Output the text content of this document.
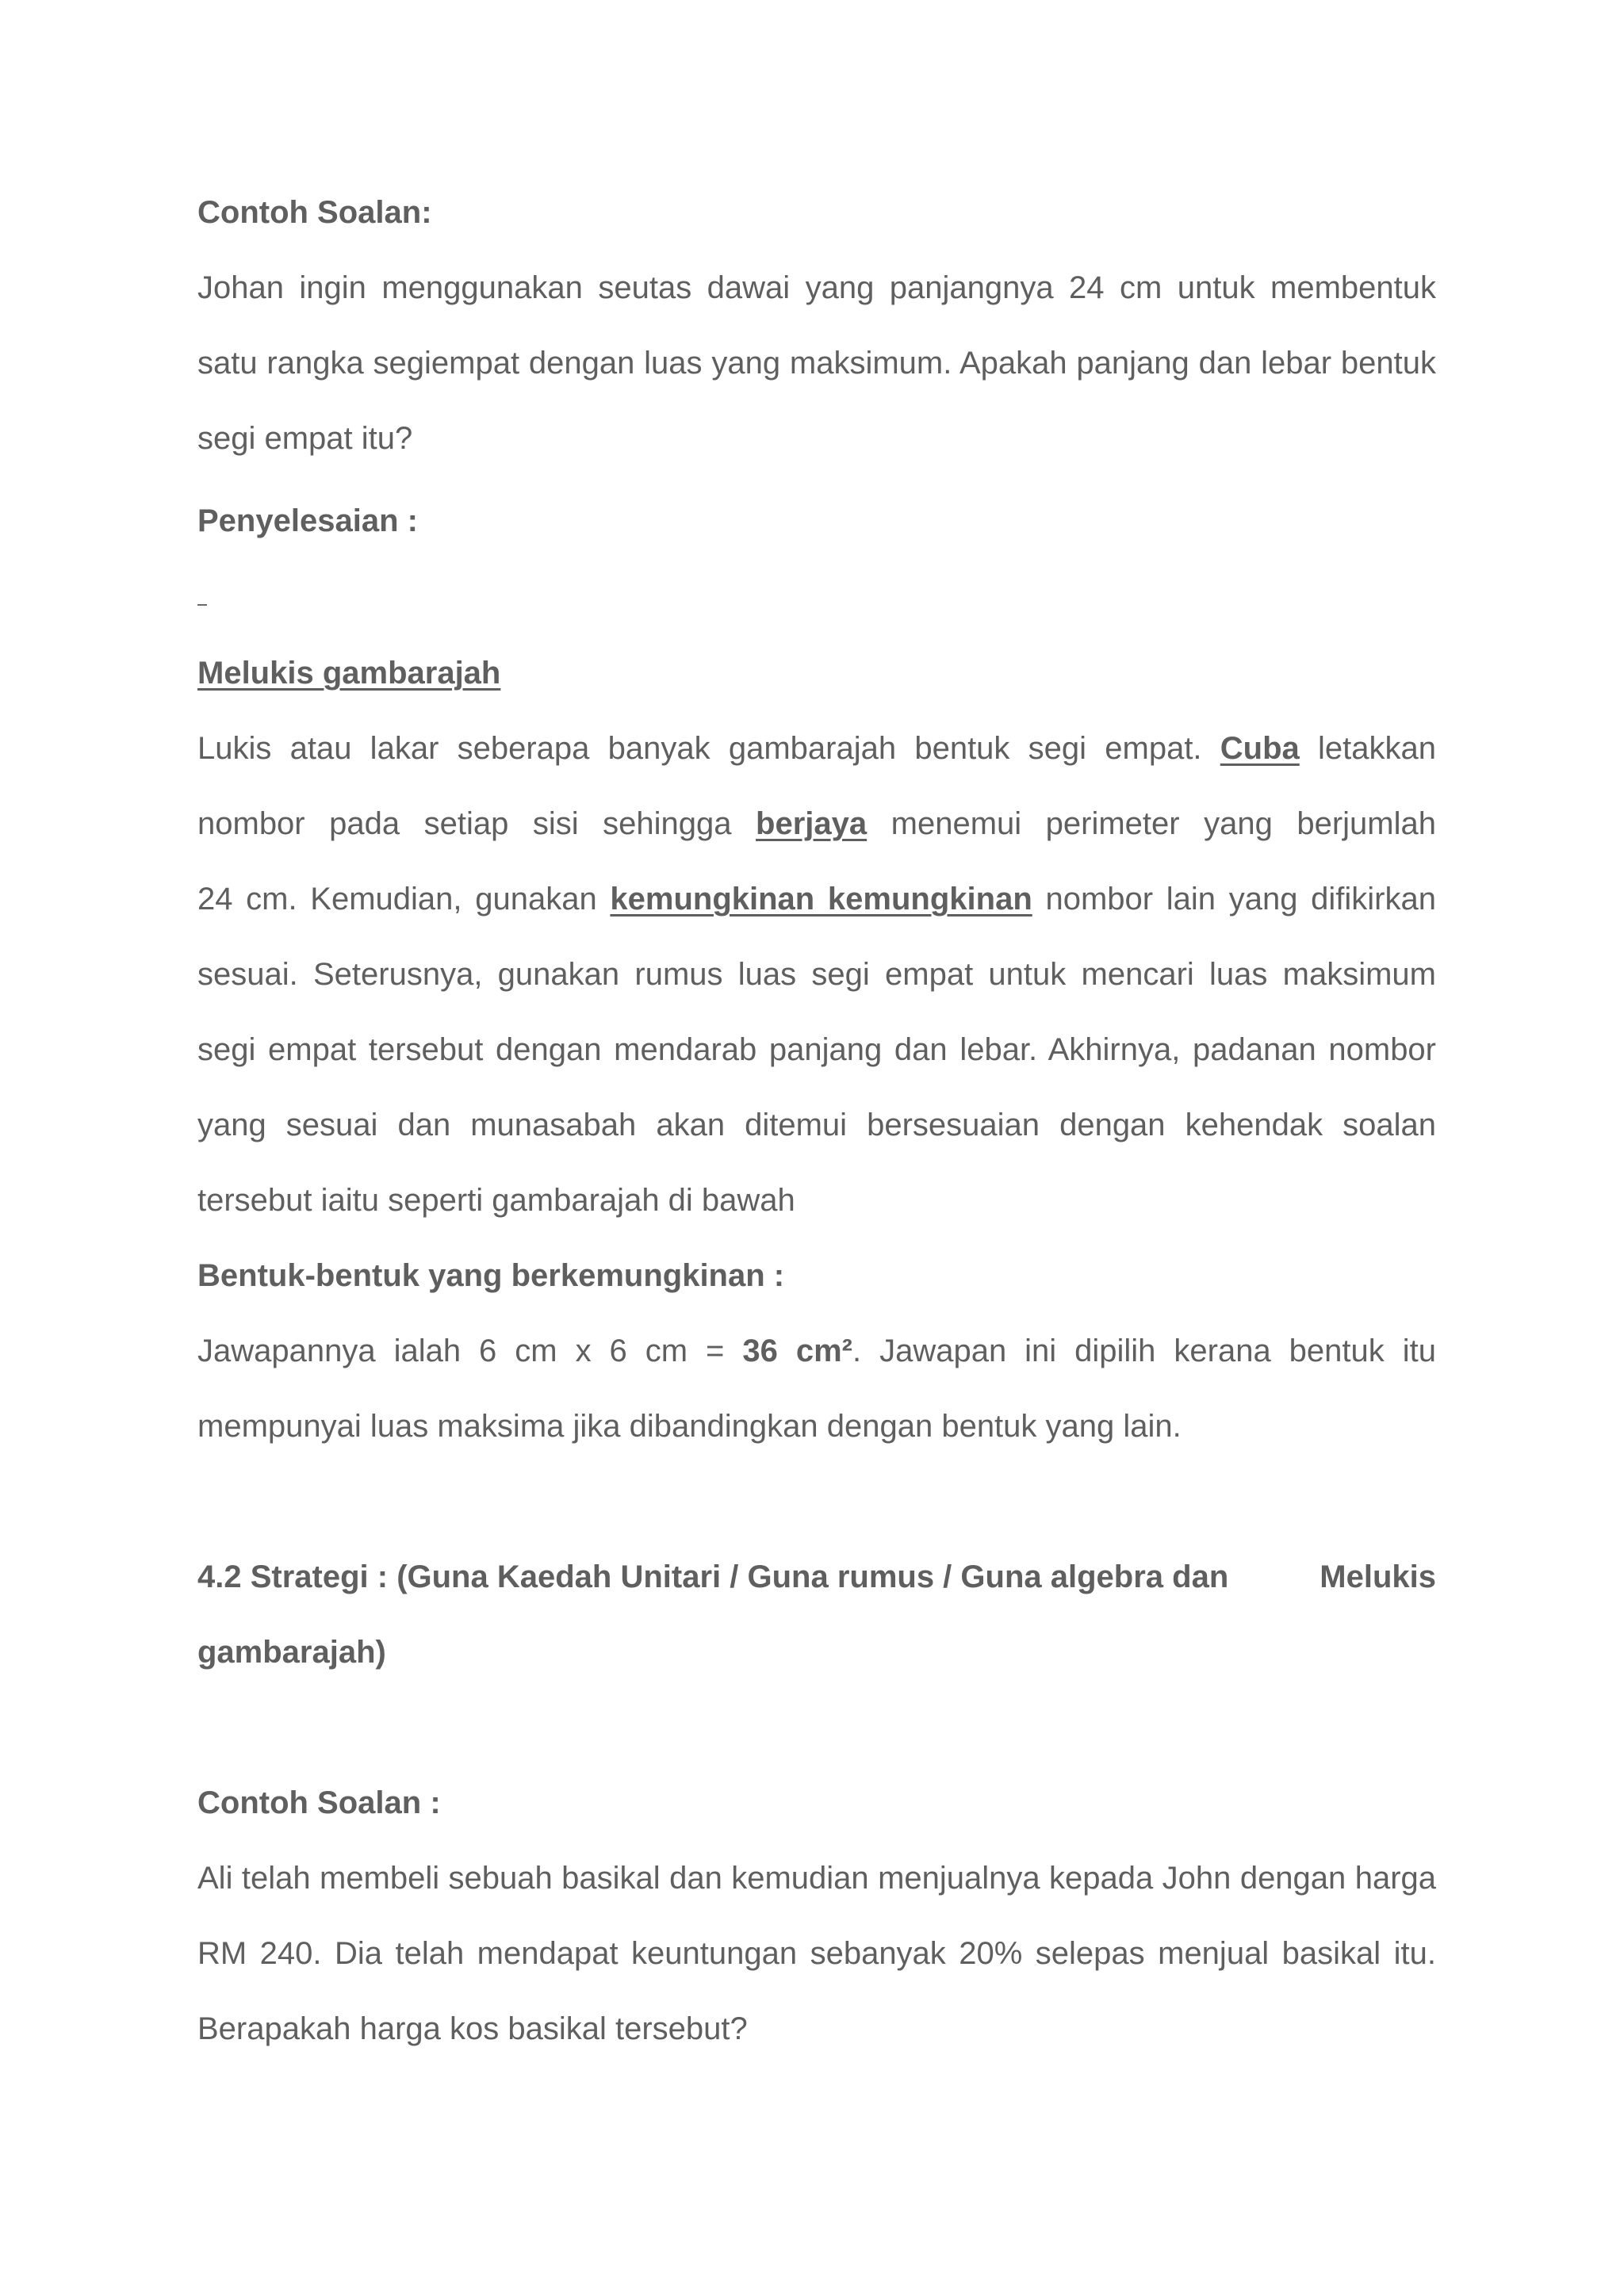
Contoh Soalan:

Johan ingin menggunakan seutas dawai yang panjangnya 24 cm untuk membentuk satu rangka segiempat dengan luas yang maksimum. Apakah panjang dan lebar bentuk segi empat itu?

Penyelesaian :

Melukis gambarajah

Lukis atau lakar seberapa banyak gambarajah bentuk segi empat. Cuba letakkan nombor pada setiap sisi sehingga berjaya menemui perimeter yang berjumlah

24 cm. Kemudian, gunakan kemungkinan kemungkinan nombor lain yang difikirkan sesuai. Seterusnya, gunakan rumus luas segi empat untuk mencari luas maksimum segi empat tersebut dengan mendarab panjang dan lebar. Akhirnya, padanan nombor yang sesuai dan munasabah akan ditemui bersesuaian dengan kehendak soalan tersebut iaitu seperti gambarajah di bawah

Bentuk-bentuk yang berkemungkinan :

Jawapannya ialah 6 cm x 6 cm = 36 cm². Jawapan ini dipilih kerana bentuk itu mempunyai luas maksima jika dibandingkan dengan bentuk yang lain.

4.2 Strategi : (Guna Kaedah Unitari / Guna rumus / Guna algebra dan	Melukis
gambarajah)

Contoh Soalan :

Ali telah membeli sebuah basikal dan kemudian menjualnya kepada John dengan harga RM 240. Dia telah mendapat keuntungan sebanyak 20% selepas menjual basikal itu. Berapakah harga kos basikal tersebut?
